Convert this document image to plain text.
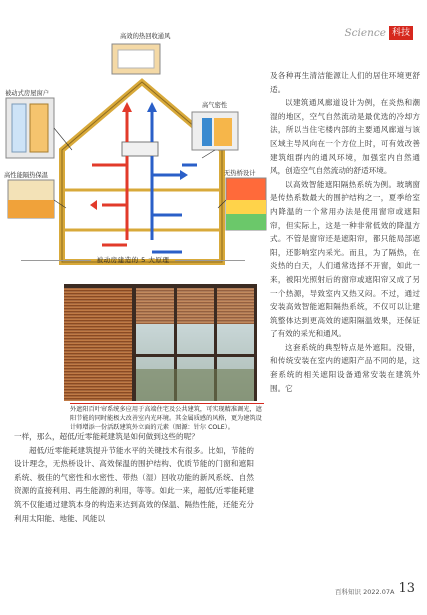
Science 科技
高效的热回收通风
高气密性
被动式房屋窗户
高性能隔热保温	无热桥设计
被动房建造的 5 大原理
外遮阳百叶帘系统多应用于高端住宅及公共建筑，可实现精准调光，遮阳节能的同时能极大改善室内光环境。其金属质感的风格，更为建筑设计师增添一份活跃建筑外立面的元素（图源：针尔 COLE）。

及各种再生清洁能源让人们的居住环境更舒适。

以建筑通风廊道设计为例，在炎热和潮湿的地区，空气自然流动是最优选的冷却方法，所以当住宅楼内部的主要通风廊道与该区域主导风向在一个方位上时，可有效改善建筑组群内的通风环境，加强室内自然通风，创造空气自然流动的舒适环境。

以高效智能遮阳隔热系统为例。玻璃窗是传热系数最大的围护结构之一，夏季给室内降温的一个常用办法是使用窗帘或遮阳帘，但实际上，这是一种非常低效的降温方式。不管是窗帘还是遮阳帘，都只能局部遮阳，还影响室内采光。而且，为了隔热，在炎热的白天，人们通常选择不开窗，如此一来，被阳光照射后的窗帘或遮阳帘又成了另一个热源，导致室内又热又闷。不过，通过安装高效智能遮阳隔热系统，不仅可以让建筑整体达到更高效的遮阳隔温效果，还保证了有效的采光和通风。

这套系统的典型特点是外遮阳。没错，和传统安装在室内的遮阳产品不同的是，这套系统的相关遮阳设备通常安装在建筑外围。它

一样，那么，超低/近零能耗建筑是如何做到这些的呢？

超低/近零能耗建筑提升节能水平的关键技术有很多。比如，节能的设计理念，无热桥设计、高效保温的围护结构、优质节能的门窗和遮阳系统、极佳的气密性和水密性、带热（湿）回收功能的新风系统、自然资源的直接利用、再生能源的利用，等等。如此一来，超低/近零能耗建筑不仅能通过建筑本身的构造来达到高效的保温、隔热性能，还能充分利用太阳能、地能、风能以

百科知识 2022.07A 13
